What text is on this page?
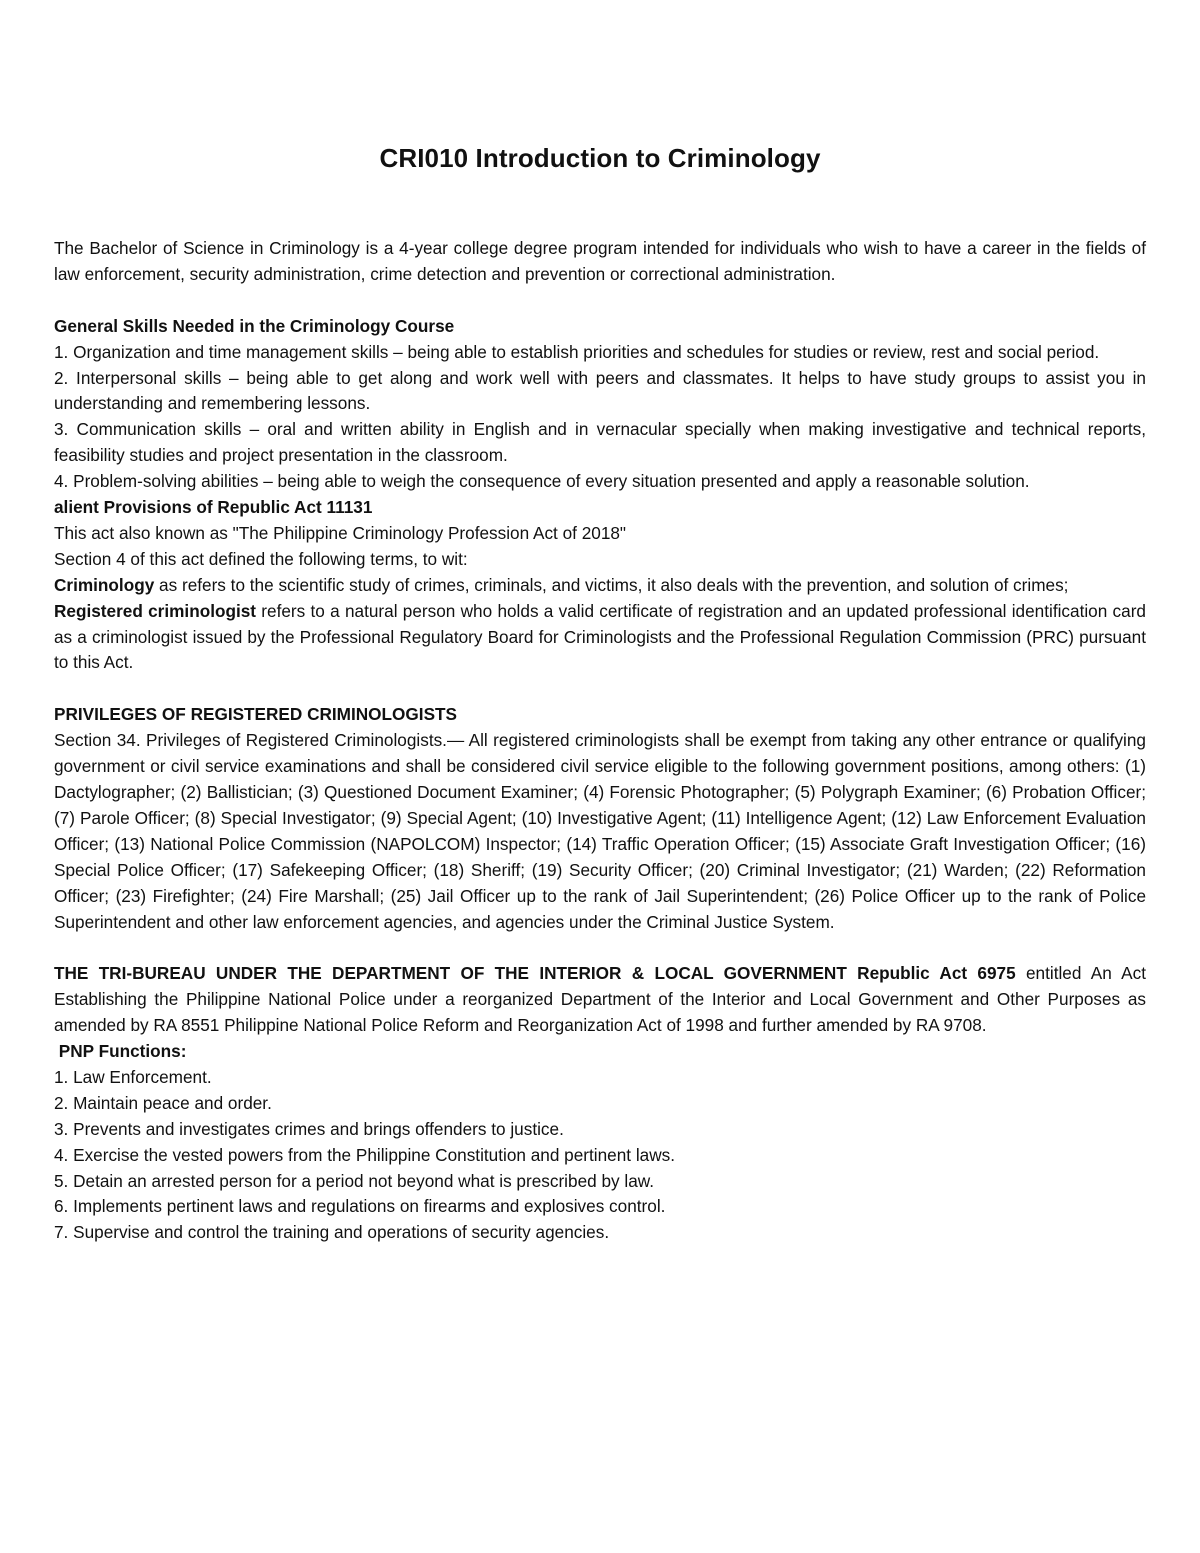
CRI010 Introduction to Criminology

The Bachelor of Science in Criminology is a 4-year college degree program intended for individuals who wish to have a career in the fields of law enforcement, security administration, crime detection and prevention or correctional administration.

General Skills Needed in the Criminology Course

1. Organization and time management skills – being able to establish priorities and schedules for studies or review, rest and social period.
2. Interpersonal skills – being able to get along and work well with peers and classmates. It helps to have study groups to assist you in understanding and remembering lessons.
3. Communication skills – oral and written ability in English and in vernacular specially when making investigative and technical reports, feasibility studies and project presentation in the classroom.
4. Problem-solving abilities – being able to weigh the consequence of every situation presented and apply a reasonable solution.

alient Provisions of Republic Act 11131

This act also known as "The Philippine Criminology Profession Act of 2018"

Section 4 of this act defined the following terms, to wit:

Criminology as refers to the scientific study of crimes, criminals, and victims, it also deals with the prevention, and solution of crimes;

Registered criminologist refers to a natural person who holds a valid certificate of registration and an updated professional identification card as a criminologist issued by the Professional Regulatory Board for Criminologists and the Professional Regulation Commission (PRC) pursuant to this Act.

PRIVILEGES OF REGISTERED CRIMINOLOGISTS

Section 34. Privileges of Registered Criminologists.— All registered criminologists shall be exempt from taking any other entrance or qualifying government or civil service examinations and shall be considered civil service eligible to the following government positions, among others: (1) Dactylographer; (2) Ballistician; (3) Questioned Document Examiner; (4) Forensic Photographer; (5) Polygraph Examiner; (6) Probation Officer; (7) Parole Officer; (8) Special Investigator; (9) Special Agent; (10) Investigative Agent; (11) Intelligence Agent; (12) Law Enforcement Evaluation Officer; (13) National Police Commission (NAPOLCOM) Inspector; (14) Traffic Operation Officer; (15) Associate Graft Investigation Officer; (16) Special Police Officer; (17) Safekeeping Officer; (18) Sheriff; (19) Security Officer; (20) Criminal Investigator; (21) Warden; (22) Reformation Officer; (23) Firefighter; (24) Fire Marshall; (25) Jail Officer up to the rank of Jail Superintendent; (26) Police Officer up to the rank of Police Superintendent and other law enforcement agencies, and agencies under the Criminal Justice System.

THE TRI-BUREAU UNDER THE DEPARTMENT OF THE INTERIOR & LOCAL GOVERNMENT Republic Act 6975 entitled An Act Establishing the Philippine National Police under a reorganized Department of the Interior and Local Government and Other Purposes as amended by RA 8551 Philippine National Police Reform and Reorganization Act of 1998 and further amended by RA 9708.

PNP Functions:

1. Law Enforcement.
2. Maintain peace and order.
3. Prevents and investigates crimes and brings offenders to justice.
4. Exercise the vested powers from the Philippine Constitution and pertinent laws.
5. Detain an arrested person for a period not beyond what is prescribed by law.
6. Implements pertinent laws and regulations on firearms and explosives control.
7. Supervise and control the training and operations of security agencies.
